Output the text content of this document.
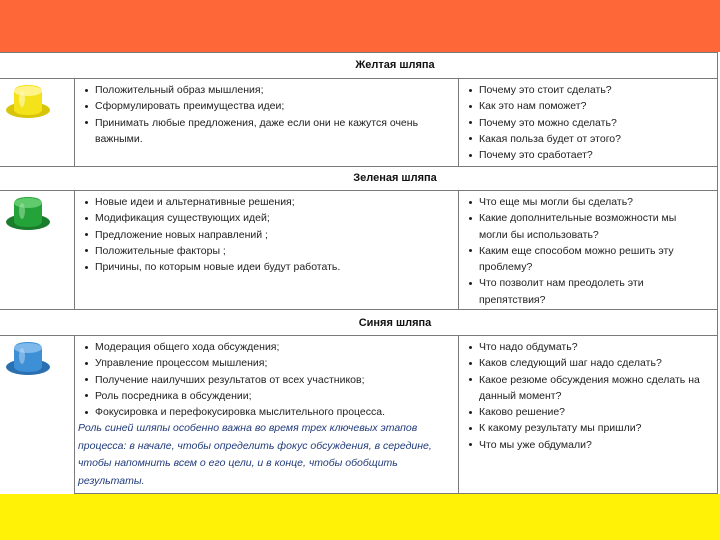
Желтая шляпа
Положительный образ мышления;
Сформулировать преимущества идеи;
Принимать любые предложения, даже если они не кажутся очень важными.
Почему это стоит сделать?
Как это нам поможет?
Почему это можно сделать?
Какая польза будет от этого?
Почему это сработает?
Зеленая шляпа
Новые идеи и альтернативные решения;
Модификация существующих идей;
Предложение новых направлений ;
Положительные факторы ;
Причины, по которым новые идеи будут работать.
Что еще мы могли бы сделать?
Какие дополнительные возможности мы могли бы использовать?
Каким еще способом можно решить эту проблему?
Что позволит нам преодолеть эти препятствия?
Синяя шляпа
Модерация общего хода обсуждения;
Управление процессом мышления;
Получение наилучших результатов от всех участников;
Роль посредника в обсуждении;
Фокусировка и перефокусировка мыслительного процесса.
Роль синей шляпы особенно важна во время трех ключевых этапов процесса: в начале, чтобы определить фокус обсуждения, в середине, чтобы напомнить всем о его цели, и в конце, чтобы обобщить результаты.
Что надо обдумать?
Каков следующий шаг надо сделать?
Какое резюме обсуждения можно сделать на данный момент?
Каково решение?
К какому результату мы пришли?
Что мы уже обдумали?
